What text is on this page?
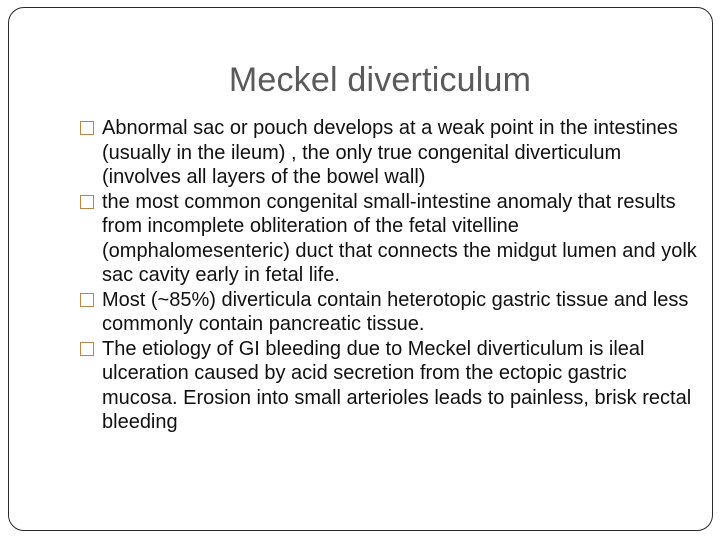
Meckel diverticulum
Abnormal sac or pouch develops at a weak point in the intestines (usually in the ileum) , the only true congenital diverticulum (involves all layers of the bowel wall)
the most common congenital small-intestine anomaly that results from incomplete obliteration of the fetal vitelline (omphalomesenteric) duct that connects the midgut lumen and yolk sac cavity early in fetal life.
Most (~85%) diverticula contain heterotopic gastric tissue and less commonly contain pancreatic tissue.
The etiology of GI bleeding due to Meckel diverticulum is ileal ulceration caused by acid secretion from the ectopic gastric mucosa. Erosion into small arterioles leads to painless, brisk rectal bleeding
